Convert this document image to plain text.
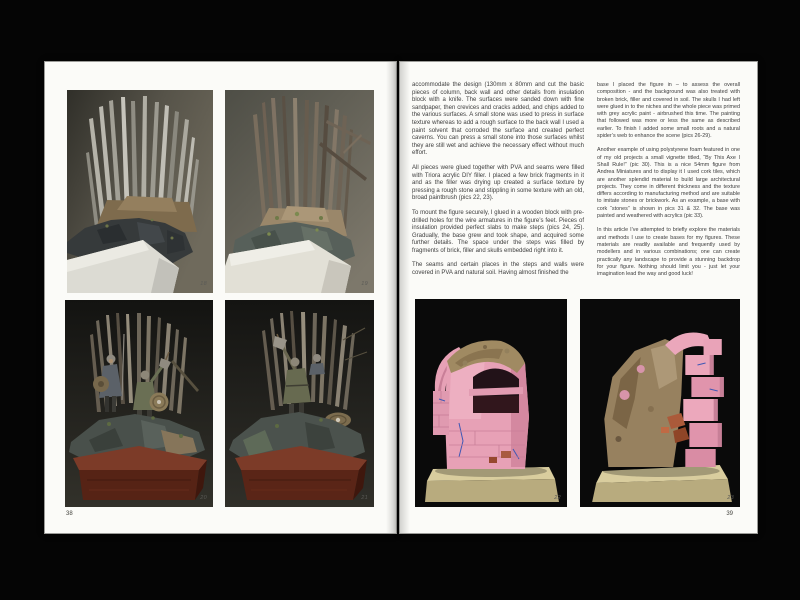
18	19
20	21
38

accommodate the design (130mm x 80mm and cut the basic pieces of column, back wall and other details from insulation block with a knife. The surfaces were sanded down with fine sandpaper, then crevices and cracks added, and chips added to the various surfaces. A small stone was used to press in surface texture whereas to add a rough surface to the back wall I used a paint solvent that corroded the surface and created perfect caverns. You can press a small stone into those surfaces whilst they are still wet and achieve the necessary effect without much effort.

All pieces were glued together with PVA and seams were filled with Triora acrylic DIY filler. I placed a few brick fragments in it and as the filler was drying up created a surface texture by pressing a rough stone and stippling in some texture with an old, broad paintbrush (pics 22, 23).

To mount the figure securely, I glued in a wooden block with pre-drilled holes for the wire armatures in the figure’s feet. Pieces of insulation provided perfect slabs to make steps (pics 24, 25). Gradually, the base grew and took shape, and acquired some further details. The space under the steps was filled by fragments of brick, filler and skulls embedded right into it.

The seams and certain places in the steps and walls were covered in PVA and natural soil. Having almost finished the

base I placed the figure in – to assess the overall composition - and the background was also treated with broken brick, filler and covered in soil. The skulls I had left were glued in to the niches and the whole piece was primed with grey acrylic paint - airbrushed this time. The painting that followed was more or less the same as described earlier. To finish I added some small roots and a natural spider’s web to enhance the scene (pics 26-29).

Another example of using polystyrene foam featured in one of my old projects a small vignette titled, “By This Axe I Shall Rule!” (pic 30). This is a nice 54mm figure from Andrea Miniatures and to display it I used cork tiles, which are another splendid material to build large architectural projects. They come in different thickness and the texture differs according to manufacturing method and are suitable to imitate stones or brickwork. As an example, a base with cork “stones” is shown in pics 31 & 32. The base was painted and weathered with acrylics (pic 33).

In this article I’ve attempted to briefly explore the materials and methods I use to create bases for my figures. These materials are readily available and frequently used by modellers and in various combinations; one can create practically any landscape to provide a stunning backdrop for your figure. Nothing should limit you - just let your imagination lead the way and good luck!

22	23
39
